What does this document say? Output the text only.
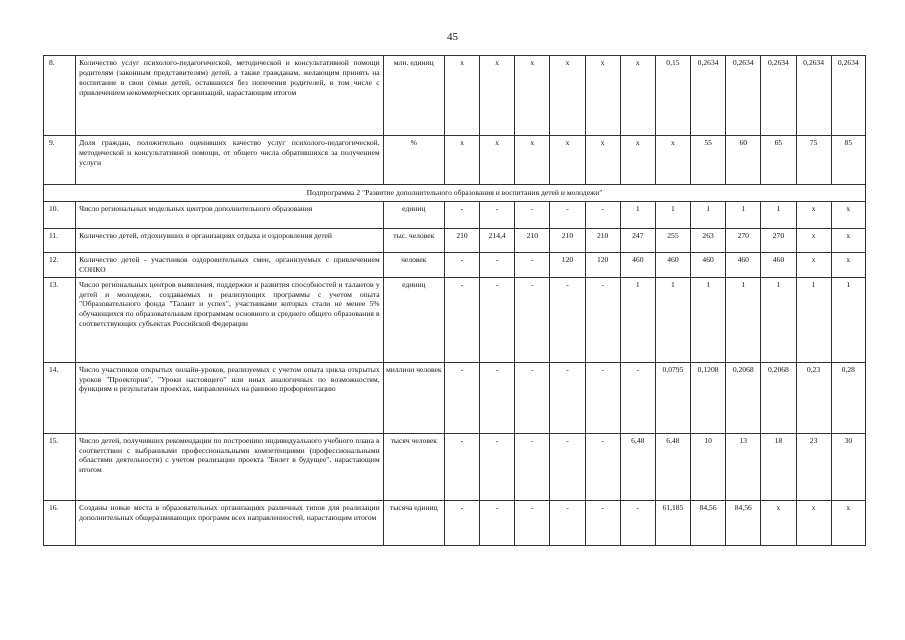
45
8.	Количество услуг психолого-педагогической, методической и консультативной помощи родителям (законным представителям) детей, а также гражданам, желающим принять на воспитание в свои семьи детей, оставшихся без попечения родителей, в том числе с привлечением некоммерческих организаций, нарастающим итогом	млн. единиц	x	x	x	x	x	x	0,15	0,2634	0,2634	0,2634	0,2634	0,2634
9.	Доля граждан, положительно оценивших качество услуг психолого-педагогической, методической и консультативной помощи, от общего числа обратившихся за получением услуги	%	x	x	x	x	x	x	x	55	60	65	75	85
Подпрограмма 2 "Развитие дополнительного образования и воспитания детей и молодежи"														
10.	Число региональных модельных центров дополнительного образования	единиц	-	-	-	-	-	1	1	1	1	1	x	x
11.	Количество детей, отдохнувших в организациях отдыха и оздоровления детей	тыс. человек	210	214,4	210	210	210	247	255	263	270	270	x	x
12.	Количество детей - участников оздоровительных смен, организуемых с привлечением СОНКО	человек	-	-	-	120	120	460	460	460	460	460	x	x
13.	Число региональных центров выявления, поддержки и развития способностей и талантов у детей и молодежи, создаваемых и реализующих программы с учетом опыта "Образовательного фонда "Талант и успех", участниками которых стали не менее 5% обучающихся по образовательным программам основного и среднего общего образования в соответствующих субъектах Российской Федерации	единиц	-	-	-	-	-	1	1	1	1	1	1	1
14.	Число участников открытых онлайн-уроков, реализуемых с учетом опыта цикла открытых уроков "Проектория", "Уроки настоящего" или иных аналогичных по возможностям, функциям и результатам проектах, направленных на раннюю профориентацию	миллион человек	-	-	-	-	-	-	0,0795	0,1208	0,2068	0,2068	0,23	0,28
15.	Число детей, получивших рекомендации по построению индивидуального учебного плана в соответствии с выбранными профессиональными компетенциями (профессиональными областями деятельности) с учетом реализации проекта "Билет в будущее", нарастающим итогом	тысяч человек	-	-	-	-	-	6,48	6,48	10	13	18	23	30
16.	Созданы новые места в образовательных организациях различных типов для реализации дополнительных общеразвивающих программ всех направленностей, нарастающим итогом	тысяча единиц	-	-	-	-	-	-	61,185	84,56	84,56	x	x	x
